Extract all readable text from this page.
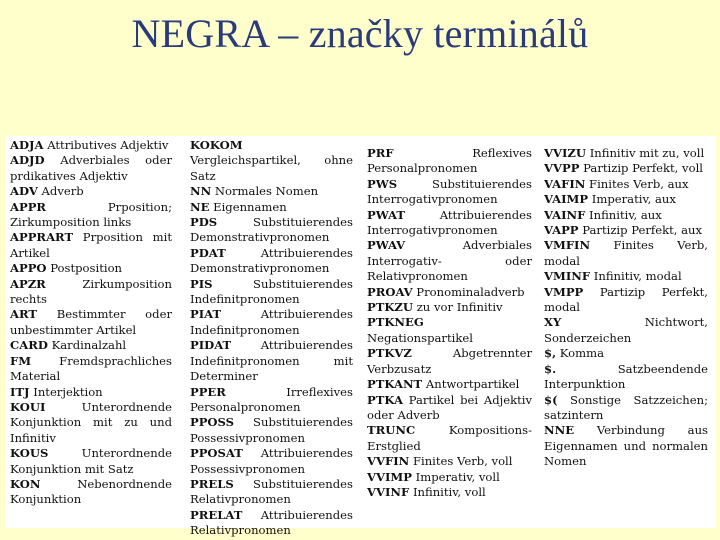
NEGRA – značky terminálů
ADJA Attributives Adjektiv
ADJD Adverbiales oder prdikatives Adjektiv
ADV Adverb
APPR	Prposition; Zirkumposition links
APPRART Prposition mit Artikel
APPO Postposition
APZR	Zirkumposition rechts
ART Bestimmter oder unbestimmter Artikel
CARD Kardinalzahl
FM Fremdsprachliches Material
ITJ Interjektion
KOUI	Unterordnende Konjunktion mit zu und Infinitiv
KOUS	Unterordnende Konjunktion mit Satz
KON	Nebenordnende Konjunktion
KOKOM Vergleichspartikel, ohne Satz
NN Normales Nomen
NE Eigennamen
PDS	Substituierendes Demonstrativpronomen
PDAT	Attribuierendes Demonstrativpronomen
PIS	Substituierendes Indefinitpronomen
PIAT	Attribuierendes Indefinitpronomen
PIDAT	Attribuierendes Indefinitpronomen mit Determiner
PPER	Irreflexives Personalpronomen
PPOSS Substituierendes Possessivpronomen
PPOSAT Attribuierendes Possessivpronomen
PRELS Substituierendes Relativpronomen
PRELAT Attribuierendes Relativpronomen
PRF	Reflexives Personalpronomen
PWS	Substituierendes Interrogativpronomen
PWAT	Attribuierendes Interrogativpronomen
PWAV	Adverbiales Interrogativ- oder Relativpronomen
PROAV Pronominaladverb
PTKZU zu vor Infinitiv
PTKNEG Negationspartikel
PTKVZ	Abgetrennter Verbzusatz
PTKANT Antwortpartikel
PTKA Partikel bei Adjektiv oder Adverb
TRUNC	Kompositions-Erstglied
VVFIN Finites Verb, voll
VVIMP Imperativ, voll
VVINF Infinitiv, voll
VVIZU Infinitiv mit zu, voll
VVPP Partizip Perfekt, voll
VAFIN Finites Verb, aux
VAIMP Imperativ, aux
VAINF Infinitiv, aux
VAPP Partizip Perfekt, aux
VMFIN Finites Verb, modal
VMINF Infinitiv, modal
VMPP Partizip Perfekt, modal
XY	Nichtwort, Sonderzeichen
$, Komma
$.	Satzbeendende Interpunktion
$( Sonstige Satzzeichen; satzintern
NNE Verbindung aus Eigennamen und normalen Nomen
